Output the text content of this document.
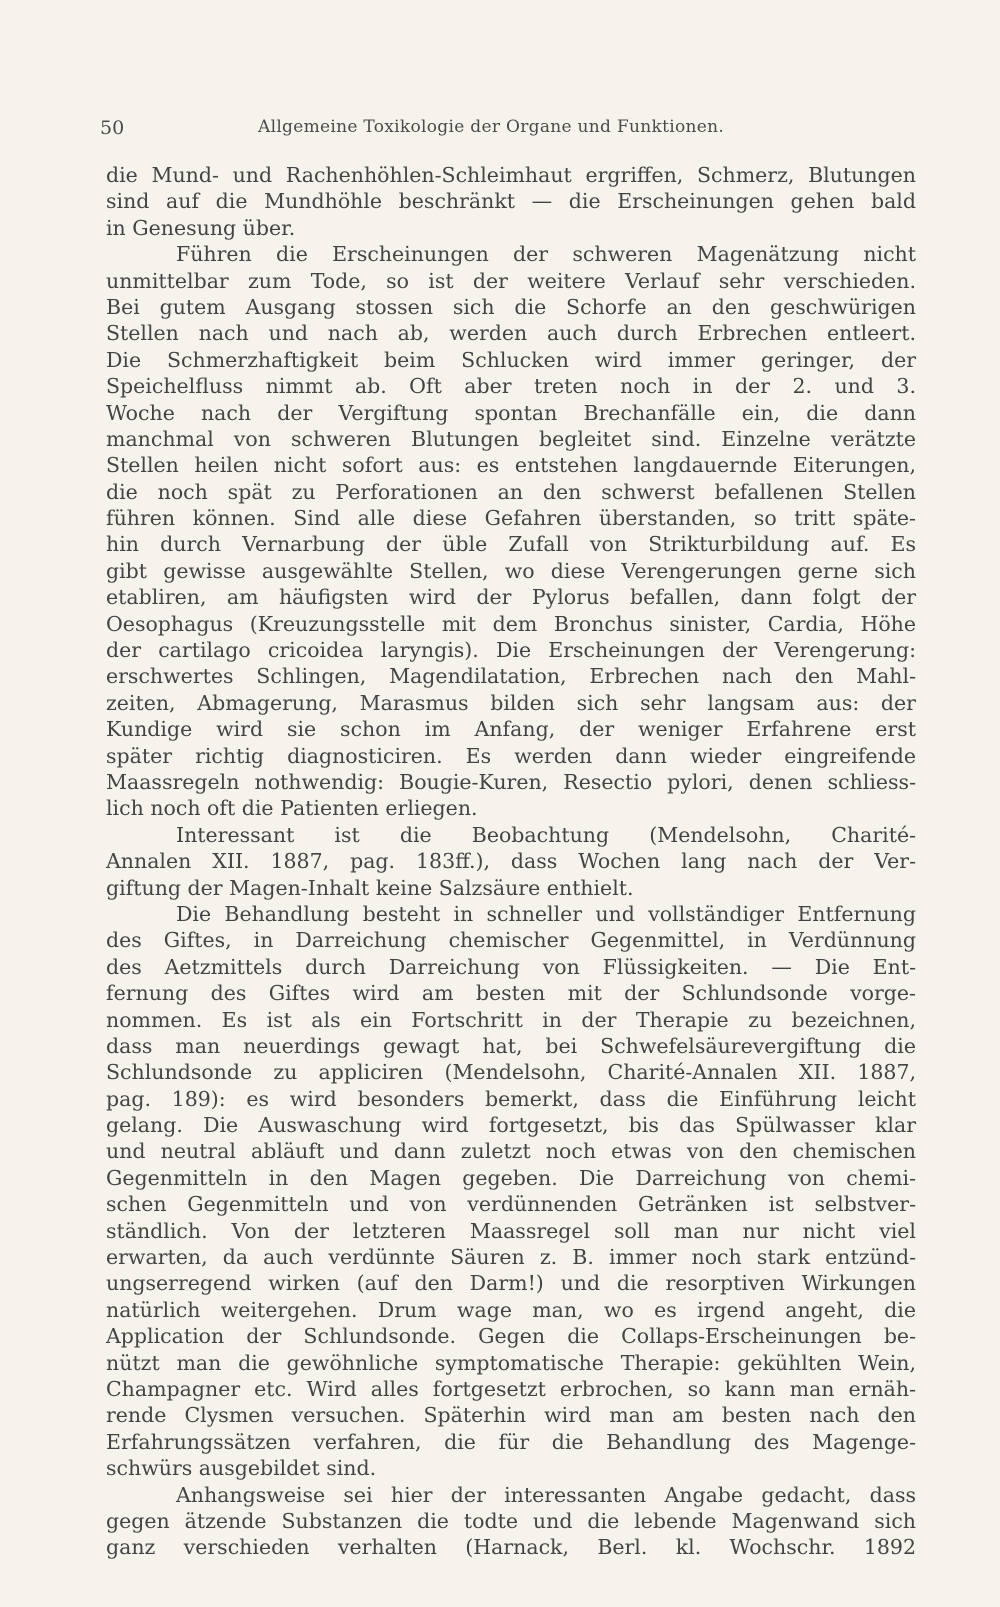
50	Allgemeine Toxikologie der Organe und Funktionen.
die Mund- und Rachenhöhlen-Schleimhaut ergriffen, Schmerz, Blutungen
sind auf die Mundhöhle beschränkt — die Erscheinungen gehen bald
in Genesung über.
Führen die Erscheinungen der schweren Magenätzung nicht
unmittelbar zum Tode, so ist der weitere Verlauf sehr verschieden.
Bei gutem Ausgang stossen sich die Schorfe an den geschwürigen
Stellen nach und nach ab, werden auch durch Erbrechen entleert.
Die Schmerzhaftigkeit beim Schlucken wird immer geringer, der
Speichelfluss nimmt ab. Oft aber treten noch in der 2. und 3.
Woche nach der Vergiftung spontan Brechanfälle ein, die dann
manchmal von schweren Blutungen begleitet sind. Einzelne verätzte
Stellen heilen nicht sofort aus: es entstehen langdauernde Eiterungen,
die noch spät zu Perforationen an den schwerst befallenen Stellen
führen können. Sind alle diese Gefahren überstanden, so tritt späte-
hin durch Vernarbung der üble Zufall von Strikturbildung auf. Es
gibt gewisse ausgewählte Stellen, wo diese Verengerungen gerne sich
etabliren, am häufigsten wird der Pylorus befallen, dann folgt der
Oesophagus (Kreuzungsstelle mit dem Bronchus sinister, Cardia, Höhe
der cartilago cricoidea laryngis). Die Erscheinungen der Verengerung:
erschwertes Schlingen, Magendilatation, Erbrechen nach den Mahl-
zeiten, Abmagerung, Marasmus bilden sich sehr langsam aus: der
Kundige wird sie schon im Anfang, der weniger Erfahrene erst
später richtig diagnosticiren. Es werden dann wieder eingreifende
Maassregeln nothwendig: Bougie-Kuren, Resectio pylori, denen schliess-
lich noch oft die Patienten erliegen.
Interessant ist die Beobachtung (Mendelsohn, Charité-
Annalen XII. 1887, pag. 183ff.), dass Wochen lang nach der Ver-
giftung der Magen-Inhalt keine Salzsäure enthielt.
Die Behandlung besteht in schneller und vollständiger Entfernung
des Giftes, in Darreichung chemischer Gegenmittel, in Verdünnung
des Aetzmittels durch Darreichung von Flüssigkeiten. — Die Ent-
fernung des Giftes wird am besten mit der Schlundsonde vorge-
nommen. Es ist als ein Fortschritt in der Therapie zu bezeichnen,
dass man neuerdings gewagt hat, bei Schwefelsäurevergiftung die
Schlundsonde zu appliciren (Mendelsohn, Charité-Annalen XII. 1887,
pag. 189): es wird besonders bemerkt, dass die Einführung leicht
gelang. Die Auswaschung wird fortgesetzt, bis das Spülwasser klar
und neutral abläuft und dann zuletzt noch etwas von den chemischen
Gegenmitteln in den Magen gegeben. Die Darreichung von chemi-
schen Gegenmitteln und von verdünnenden Getränken ist selbstver-
ständlich. Von der letzteren Maassregel soll man nur nicht viel
erwarten, da auch verdünnte Säuren z. B. immer noch stark entzünd-
ungserregend wirken (auf den Darm!) und die resorptiven Wirkungen
natürlich weitergehen. Drum wage man, wo es irgend angeht, die
Application der Schlundsonde. Gegen die Collaps-Erscheinungen be-
nützt man die gewöhnliche symptomatische Therapie: gekühlten Wein,
Champagner etc. Wird alles fortgesetzt erbrochen, so kann man ernäh-
rende Clysmen versuchen. Späterhin wird man am besten nach den
Erfahrungssätzen verfahren, die für die Behandlung des Magenge-
schwürs ausgebildet sind.
Anhangsweise sei hier der interessanten Angabe gedacht, dass
gegen ätzende Substanzen die todte und die lebende Magenwand sich
ganz verschieden verhalten (Harnack, Berl. kl. Wochschr. 1892
